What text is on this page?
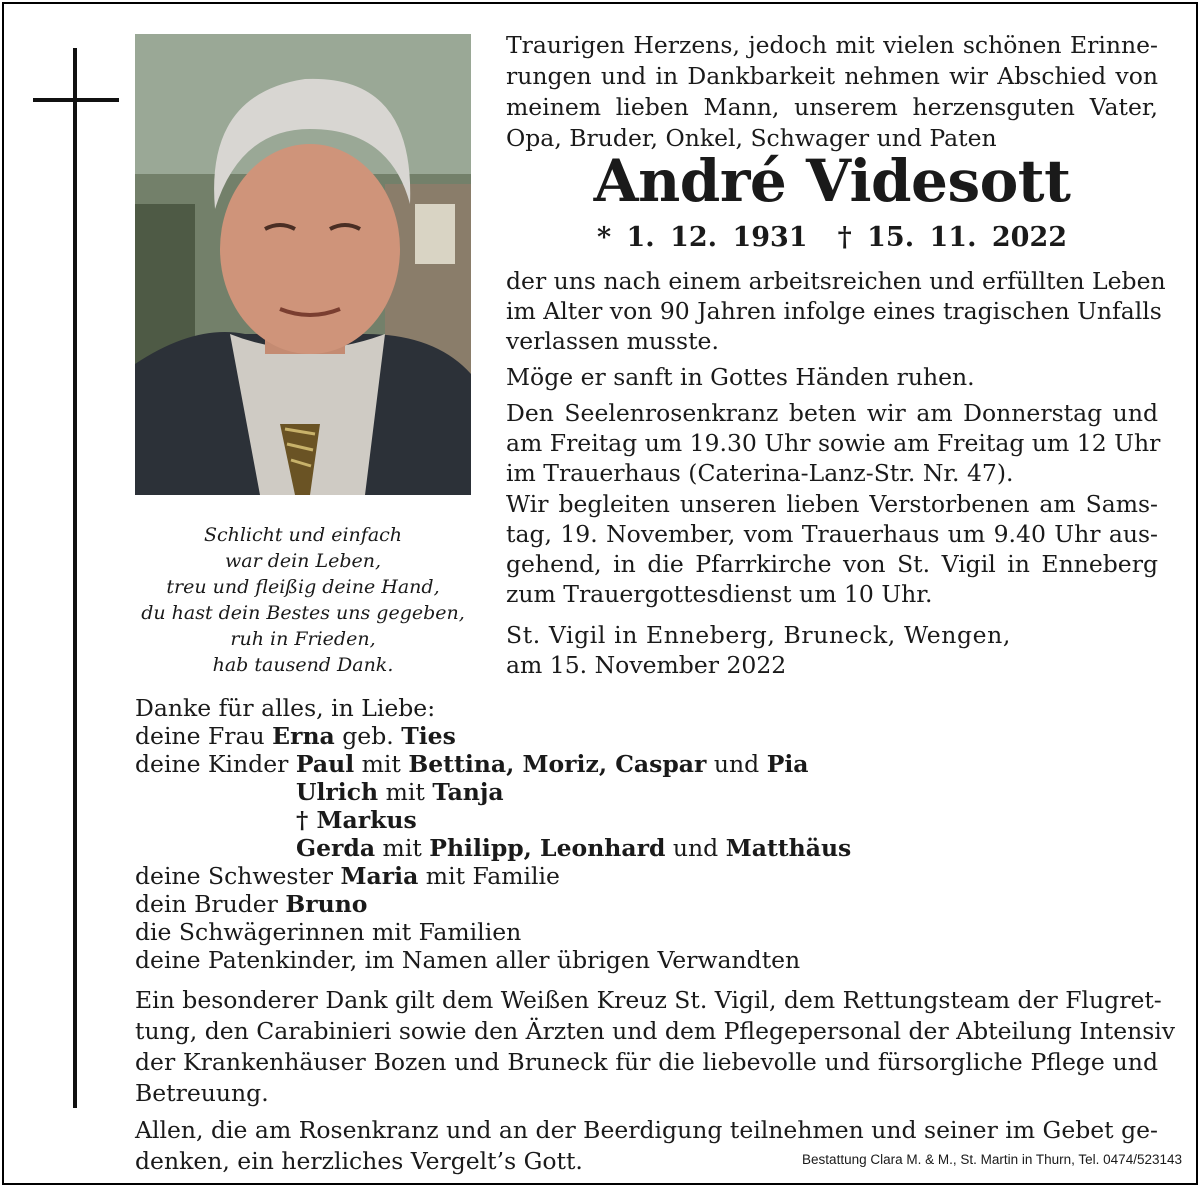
Schlicht und einfach
war dein Leben,
treu und fleißig deine Hand,
du hast dein Bestes uns gegeben,
ruh in Frieden,
hab tausend Dank.
Traurigen Herzens, jedoch mit vielen schönen Erinne-
rungen und in Dankbarkeit nehmen wir Abschied von
meinem lieben Mann, unserem herzensguten Vater,
Opa, Bruder, Onkel, Schwager und Paten
André Videsott
* 1. 12. 1931 † 15. 11. 2022
der uns nach einem arbeitsreichen und erfüllten Leben
im Alter von 90 Jahren infolge eines tragischen Unfalls
verlassen musste.
Möge er sanft in Gottes Händen ruhen.
Den Seelenrosenkranz beten wir am Donnerstag und
am Freitag um 19.30 Uhr sowie am Freitag um 12 Uhr
im Trauerhaus (Caterina-Lanz-Str. Nr. 47).
Wir begleiten unseren lieben Verstorbenen am Sams-
tag, 19. November, vom Trauerhaus um 9.40 Uhr aus-
gehend, in die Pfarrkirche von St. Vigil in Enneberg
zum Trauergottesdienst um 10 Uhr.
St. Vigil in Enneberg, Bruneck, Wengen,
am 15. November 2022
Danke für alles, in Liebe:
deine Frau Erna geb. Ties
deine Kinder Paul mit Bettina, Moriz, Caspar und Pia
Ulrich mit Tanja
† Markus
Gerda mit Philipp, Leonhard und Matthäus
deine Schwester Maria mit Familie
dein Bruder Bruno
die Schwägerinnen mit Familien
deine Patenkinder, im Namen aller übrigen Verwandten
Ein besonderer Dank gilt dem Weißen Kreuz St. Vigil, dem Rettungsteam der Flugret-
tung, den Carabinieri sowie den Ärzten und dem Pflegepersonal der Abteilung Intensiv
der Krankenhäuser Bozen und Bruneck für die liebevolle und fürsorgliche Pflege und
Betreuung.
Allen, die am Rosenkranz und an der Beerdigung teilnehmen und seiner im Gebet ge-
denken, ein herzliches Vergelt’s Gott.	Bestattung Clara M. & M., St. Martin in Thurn, Tel. 0474/523143
